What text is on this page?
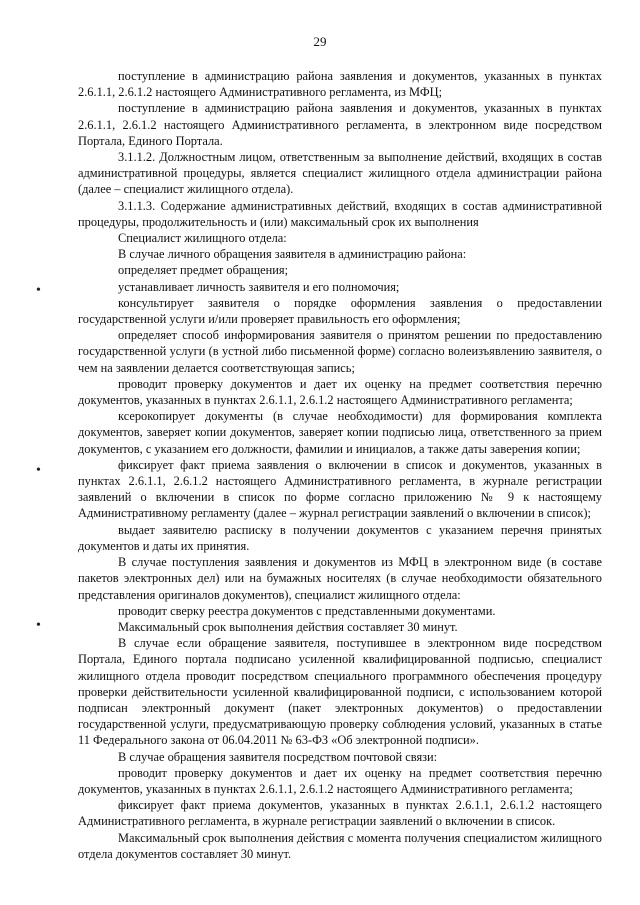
29
•
•
•

поступление в администрацию района заявления и документов, указанных в пунктах 2.6.1.1, 2.6.1.2 настоящего Административного регламента, из МФЦ;

поступление в администрацию района заявления и документов, указанных в пунктах 2.6.1.1, 2.6.1.2 настоящего Административного регламента, в электронном виде посредством Портала, Единого Портала.

3.1.1.2. Должностным лицом, ответственным за выполнение действий, входящих в состав административной процедуры, является специалист жилищного отдела администрации района (далее – специалист жилищного отдела).

3.1.1.3. Содержание административных действий, входящих в состав административной процедуры, продолжительность и (или) максимальный срок их выполнения

Специалист жилищного отдела:

В случае личного обращения заявителя в администрацию района:

определяет предмет обращения;

устанавливает личность заявителя и его полномочия;

консультирует заявителя о порядке оформления заявления о предоставлении государственной услуги и/или проверяет правильность его оформления;

определяет способ информирования заявителя о принятом решении по предоставлению государственной услуги (в устной либо письменной форме) согласно волеизъявлению заявителя, о чем на заявлении делается соответствующая запись;

проводит проверку документов и дает их оценку на предмет соответствия перечню документов, указанных в пунктах 2.6.1.1, 2.6.1.2 настоящего Административного регламента;

ксерокопирует документы (в случае необходимости) для формирования комплекта документов, заверяет копии документов, заверяет копии подписью лица, ответственного за прием документов, с указанием его должности, фамилии и инициалов, а также даты заверения копии;

фиксирует факт приема заявления о включении в список и документов, указанных в пунктах 2.6.1.1, 2.6.1.2 настоящего Административного регламента, в журнале регистрации заявлений о включении в список по форме согласно приложению № 9 к настоящему Административному регламенту (далее – журнал регистрации заявлений о включении в список);

выдает заявителю расписку в получении документов с указанием перечня принятых документов и даты их принятия.

В случае поступления заявления и документов из МФЦ в электронном виде (в составе пакетов электронных дел) или на бумажных носителях (в случае необходимости обязательного представления оригиналов документов), специалист жилищного отдела:

проводит сверку реестра документов с представленными документами.

Максимальный срок выполнения действия составляет 30 минут.

В случае если обращение заявителя, поступившее в электронном виде посредством Портала, Единого портала подписано усиленной квалифицированной подписью, специалист жилищного отдела проводит посредством специального программного обеспечения процедуру проверки действительности усиленной квалифицированной подписи, с использованием которой подписан электронный документ (пакет электронных документов) о предоставлении государственной услуги, предусматривающую проверку соблюдения условий, указанных в статье 11 Федерального закона от 06.04.2011 № 63-ФЗ «Об электронной подписи».

В случае обращения заявителя посредством почтовой связи:

проводит проверку документов и дает их оценку на предмет соответствия перечню документов, указанных в пунктах 2.6.1.1, 2.6.1.2 настоящего Административного регламента;

фиксирует факт приема документов, указанных в пунктах 2.6.1.1, 2.6.1.2 настоящего Административного регламента, в журнале регистрации заявлений о включении в список.

Максимальный срок выполнения действия с момента получения специалистом жилищного отдела документов составляет 30 минут.
